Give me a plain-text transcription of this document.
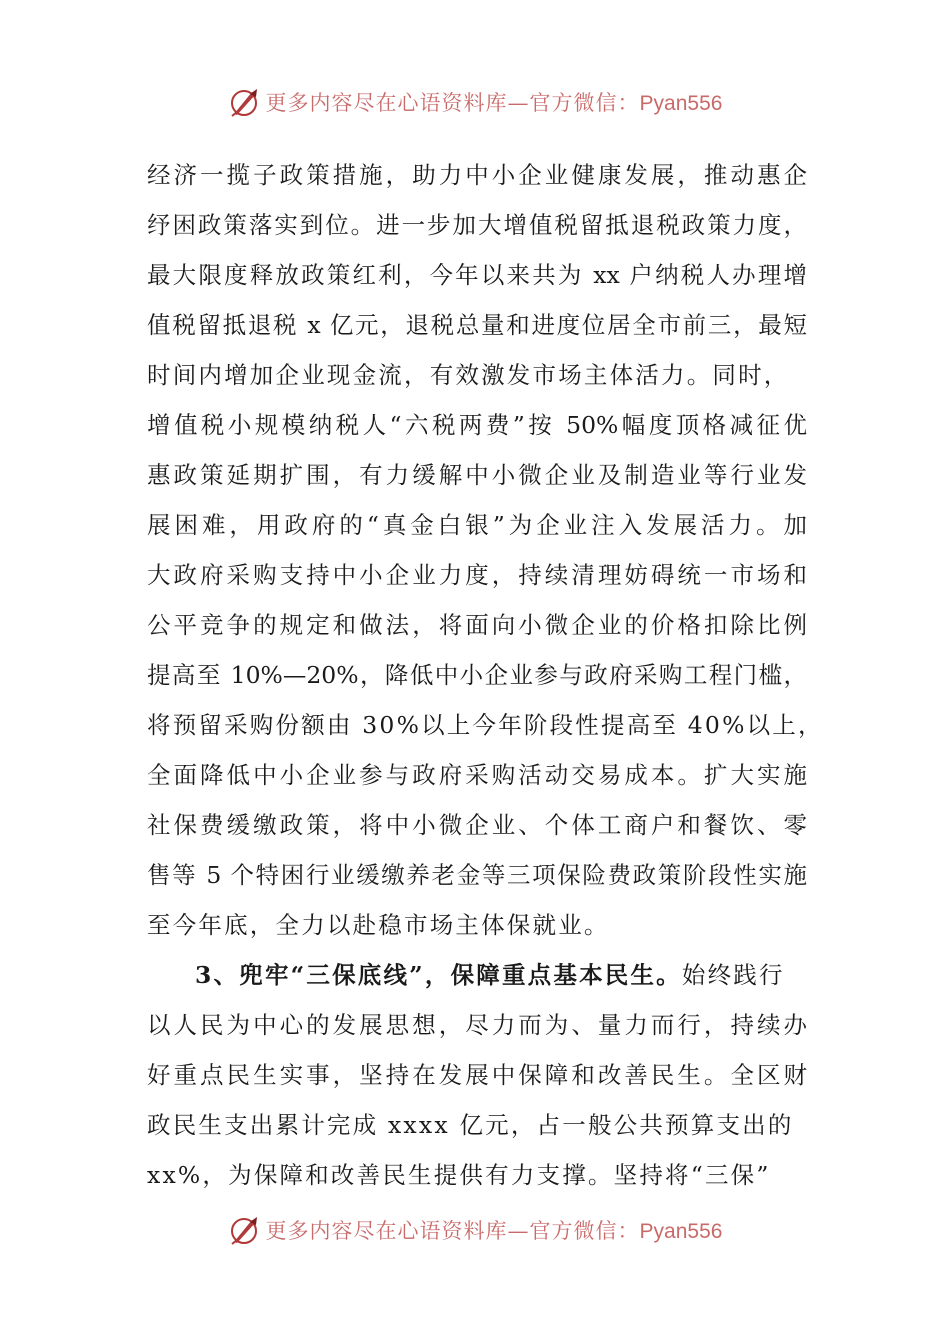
更多内容尽在心语资料库—官方微信：Pyan556
经济一揽子政策措施，助力中小企业健康发展，推动惠企
纾困政策落实到位。进一步加大增值税留抵退税政策力度，
最大限度释放政策红利，今年以来共为 xx 户纳税人办理增
值税留抵退税 x 亿元，退税总量和进度位居全市前三，最短
时间内增加企业现金流，有效激发市场主体活力。同时，
增值税小规模纳税人“六税两费”按 50%幅度顶格减征优
惠政策延期扩围，有力缓解中小微企业及制造业等行业发
展困难，用政府的“真金白银”为企业注入发展活力。加
大政府采购支持中小企业力度，持续清理妨碍统一市场和
公平竞争的规定和做法，将面向小微企业的价格扣除比例
提高至 10%—20%，降低中小企业参与政府采购工程门槛，
将预留采购份额由 30%以上今年阶段性提高至 40%以上，
全面降低中小企业参与政府采购活动交易成本。扩大实施
社保费缓缴政策，将中小微企业、个体工商户和餐饮、零
售等 5 个特困行业缓缴养老金等三项保险费政策阶段性实施
至今年底，全力以赴稳市场主体保就业。
3、兜牢“三保底线”，保障重点基本民生。始终践行
以人民为中心的发展思想，尽力而为、量力而行，持续办
好重点民生实事，坚持在发展中保障和改善民生。全区财
政民生支出累计完成 xxxx 亿元，占一般公共预算支出的
xx%，为保障和改善民生提供有力支撑。坚持将“三保”
更多内容尽在心语资料库—官方微信：Pyan556
